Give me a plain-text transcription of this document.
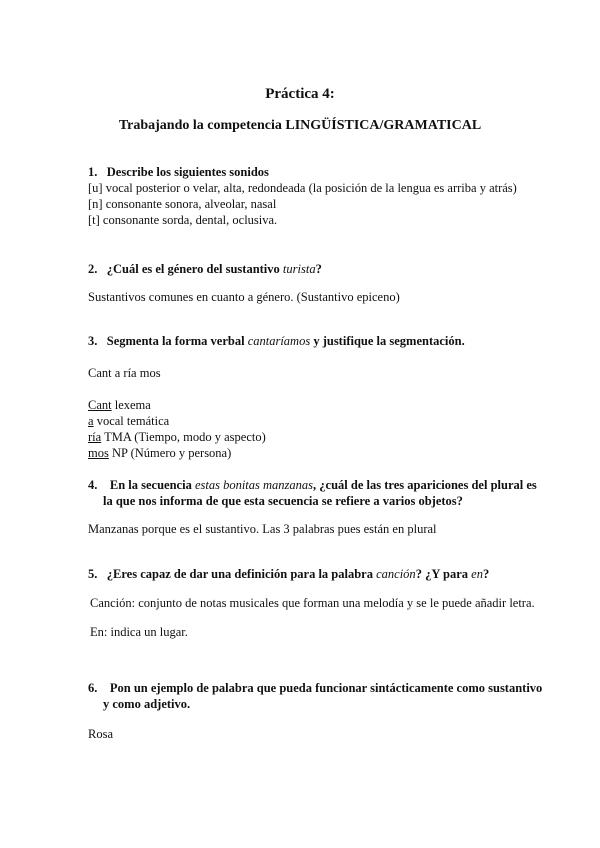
Práctica 4:
Trabajando la competencia LINGÜÍSTICA/GRAMATICAL
1. Describe los siguientes sonidos
[u] vocal posterior o velar, alta, redondeada (la posición de la lengua es arriba y atrás)
[n] consonante sonora, alveolar, nasal
[t] consonante sorda, dental, oclusiva.
2. ¿Cuál es el género del sustantivo turista?
Sustantivos comunes en cuanto a género. (Sustantivo epiceno)
3. Segmenta la forma verbal cantaríamos y justifique la segmentación.
Cant a ría mos
Cant lexema
a vocal temática
ría TMA (Tiempo, modo y aspecto)
mos NP (Número y persona)
4. En la secuencia estas bonitas manzanas, ¿cuál de las tres apariciones del plural es
la que nos informa de que esta secuencia se refiere a varios objetos?
Manzanas porque es el sustantivo. Las 3 palabras pues están en plural
5. ¿Eres capaz de dar una definición para la palabra canción? ¿Y para en?
Canción: conjunto de notas musicales que forman una melodía y se le puede añadir letra.
En: indica un lugar.
6. Pon un ejemplo de palabra que pueda funcionar sintácticamente como sustantivo
y como adjetivo.
Rosa
